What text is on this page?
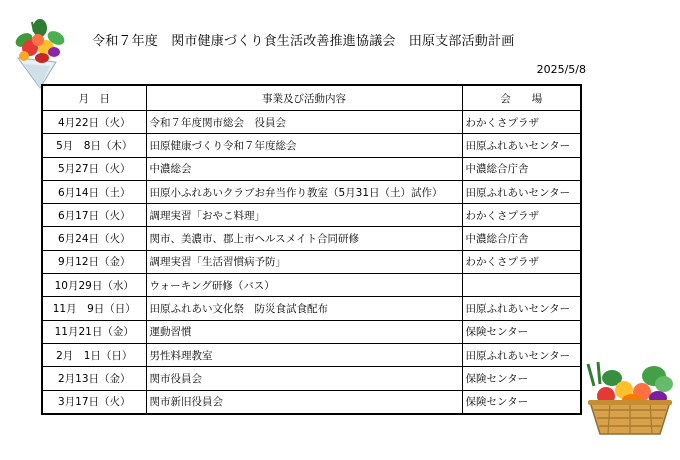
令和７年度　関市健康づくり食生活改善推進協議会　田原支部活動計画
2025/5/8
月　日	事業及び活動内容	会　　場
4月22日（火）	令和７年度関市総会　役員会	わかくさプラザ
5月　8日（木）	田原健康づくり令和７年度総会	田原ふれあいセンター
5月27日（火）	中濃総会	中濃総合庁舎
6月14日（土）	田原小ふれあいクラブお弁当作り教室（5月31日（土）試作）	田原ふれあいセンター
6月17日（火）	調理実習「おやこ料理」	わかくさプラザ
6月24日（火）	関市、美濃市、郡上市ヘルスメイト合同研修	中濃総合庁舎
9月12日（金）	調理実習「生活習慣病予防」	わかくさプラザ
10月29日（水）	ウォーキング研修（バス）	
11月　9日（日）	田原ふれあい文化祭　防災食試食配布	田原ふれあいセンター
11月21日（金）	運動習慣	保険センター
2月　1日（日）	男性料理教室	田原ふれあいセンター
2月13日（金）	関市役員会	保険センター
3月17日（火）	関市新旧役員会	保険センター
